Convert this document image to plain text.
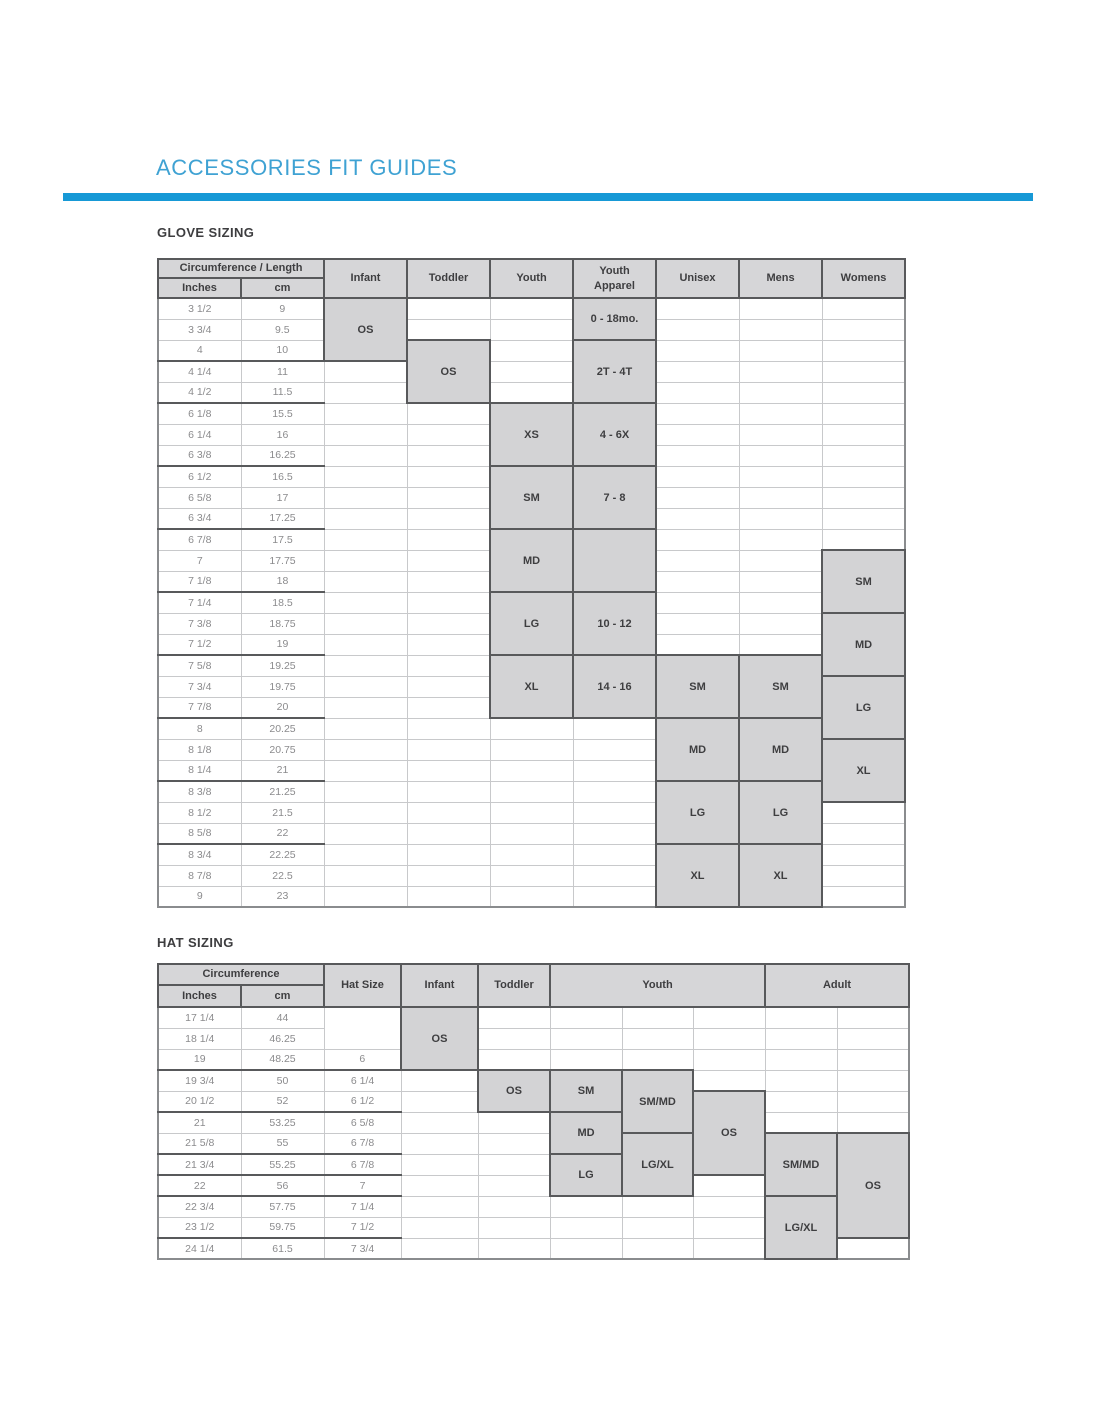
ACCESSORIES FIT GUIDES
GLOVE SIZING
Circumference / Length		Infant	Toddler	Youth	Youth Apparel	Unisex	Mens	Womens
Inches	cm							
3 1/2	9	OS			0 - 18mo.			
3 3/4	9.5							
4	10		OS		2T - 4T			
4 1/4	11							
4 1/2	11.5							
6 1/8	15.5			XS	4 - 6X			
6 1/4	16							
6 3/8	16.25							
6 1/2	16.5			SM	7 - 8			
6 5/8	17							
6 3/4	17.25							
6 7/8	17.5			MD				
7	17.75							SM
7 1/8	18							
7 1/4	18.5			LG	10 - 12			
7 3/8	18.75							MD
7 1/2	19							
7 5/8	19.25			XL	14 - 16	SM	SM	
7 3/4	19.75							LG
7 7/8	20							
8	20.25					MD	MD	
8 1/8	20.75							XL
8 1/4	21							
8 3/8	21.25					LG	LG	
8 1/2	21.5							
8 5/8	22							
8 3/4	22.25					XL	XL	
8 7/8	22.5							
9	23							
HAT SIZING
Circumference		Hat Size	Infant	Toddler	Youth			Adult	
Inches	cm								
17 1/4	44		OS						
18 1/4	46.25								
19	48.25	6							
19 3/4	50	6 1/4		OS	SM	SM/MD			
20 1/2	52	6 1/2					OS		
21	53.25	6 5/8			MD				
21 5/8	55	6 7/8				LG/XL		SM/MD	OS
21 3/4	55.25	6 7/8			LG				
22	56	7							
22 3/4	57.75	7 1/4						LG/XL	
23 1/2	59.75	7 1/2							
24 1/4	61.5	7 3/4							
